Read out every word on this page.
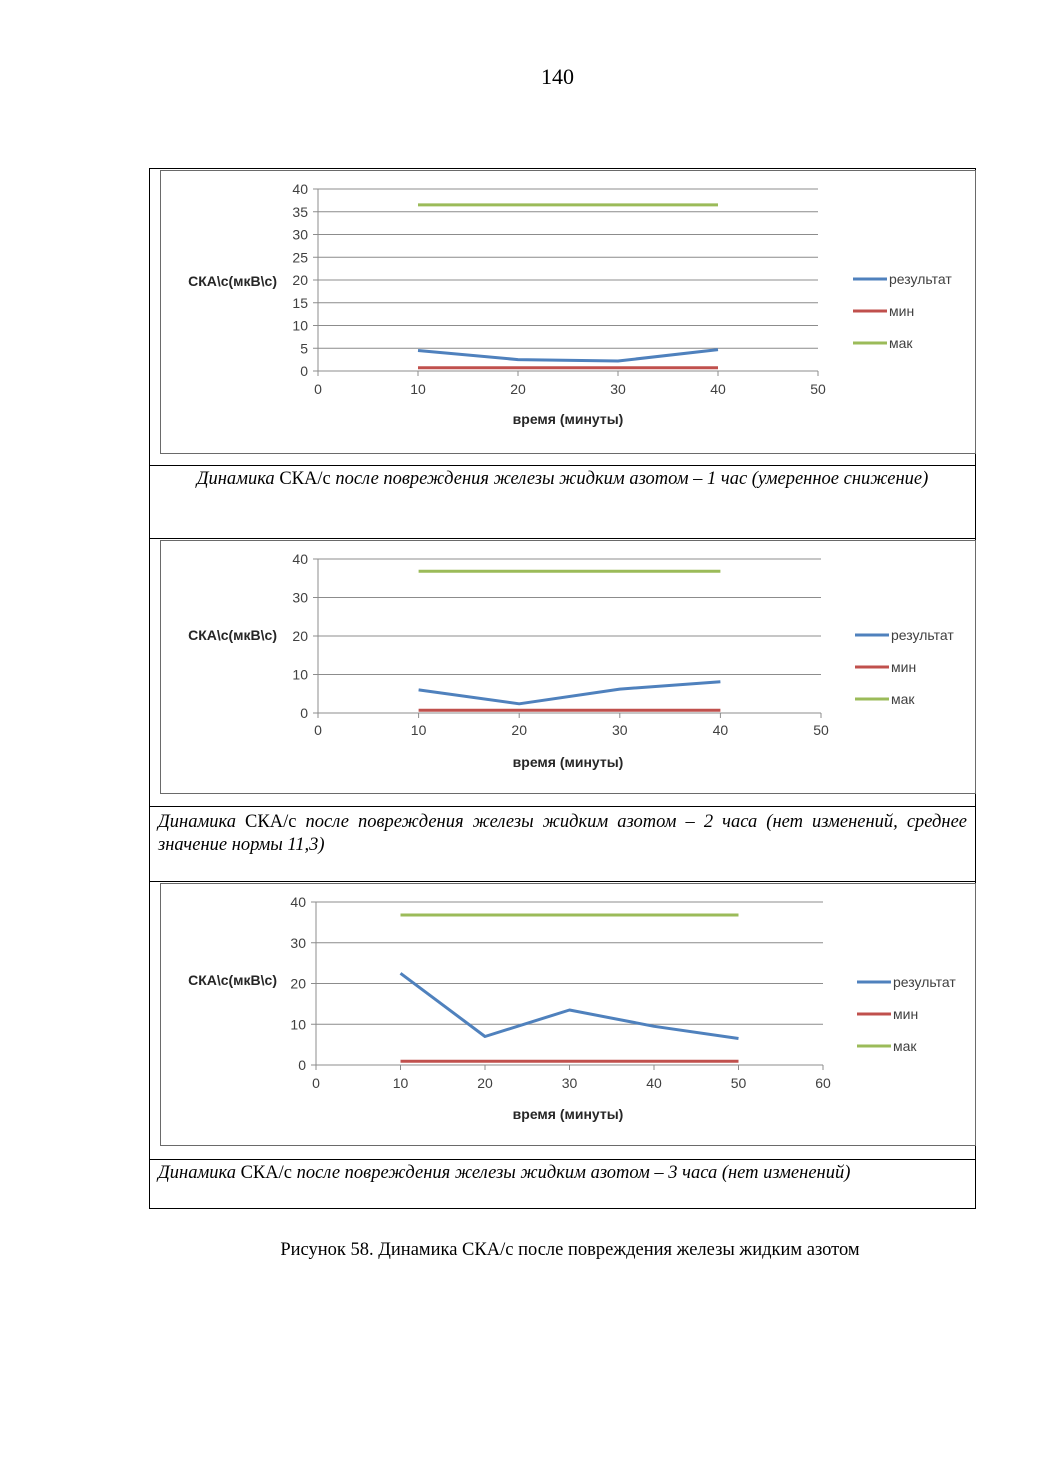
140
0
5
10
15
20
25
30
35
40
0	10	20	30	40	50
СКА\с(мкВ\с)
время (минуты)
результат
мин
мак
Динамика СКА/с после повреждения железы жидким азотом – 1 час (умеренное снижение)
0
10
20
30
40
0	10	20	30	40	50
СКА\с(мкВ\с)
время (минуты)
результат
мин
мак
Динамика СКА/с после повреждения железы жидким азотом – 2 часа (нет изменений, среднее значение нормы 11,3)
0
10
20
30
40
0	10	20	30	40	50	60
СКА\с(мкВ\с)
время (минуты)
результат
мин
мак
Динамика СКА/с после повреждения железы жидким азотом – 3 часа (нет изменений)
Рисунок 58. Динамика СКА/с после повреждения железы жидким азотом
